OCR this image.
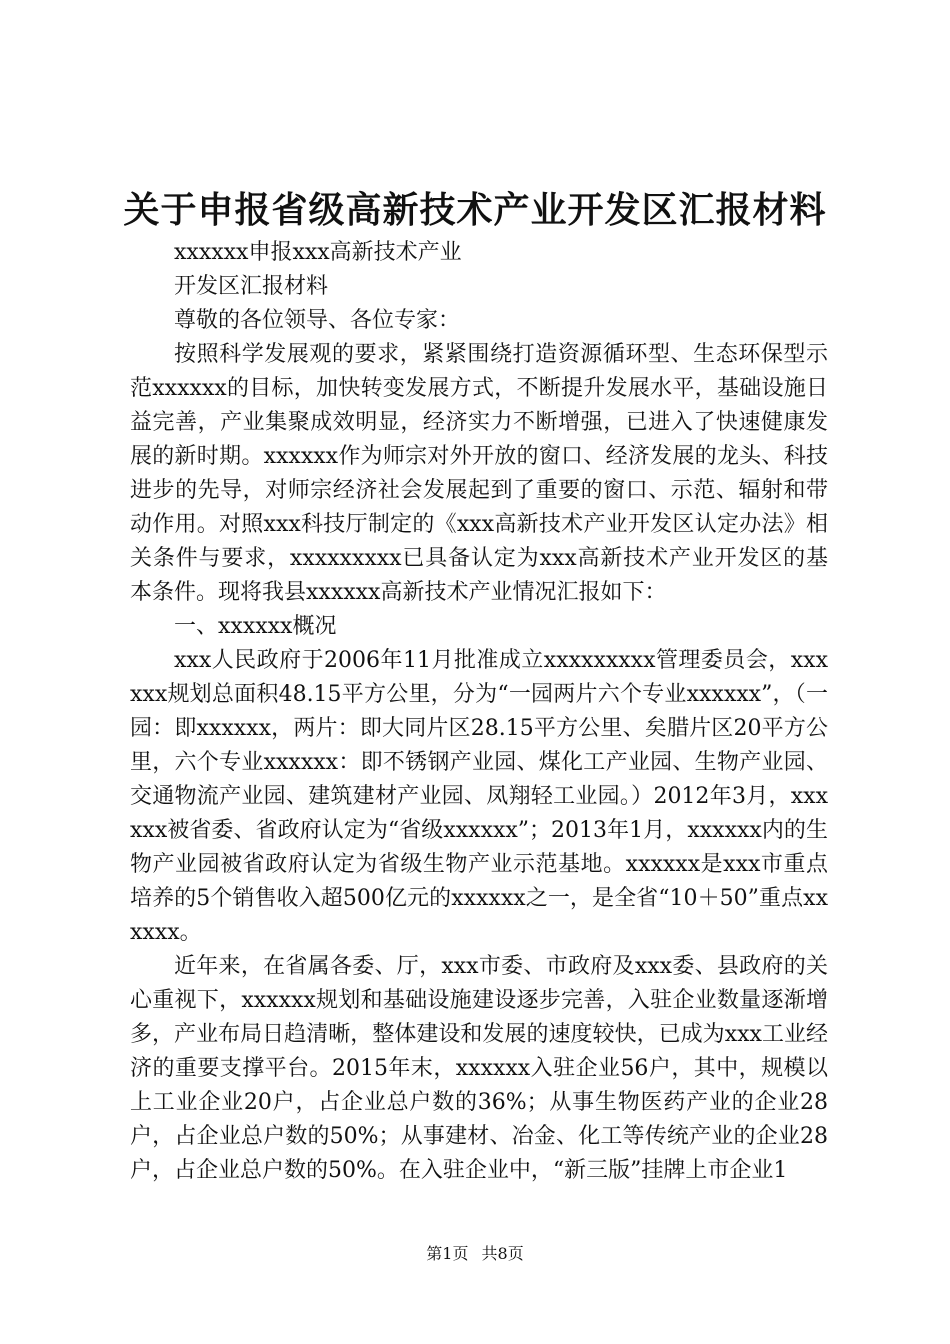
关于申报省级高新技术产业开发区汇报材料

xxxxxx申报xxx高新技术产业

开发区汇报材料

尊敬的各位领导、各位专家：

按照科学发展观的要求，紧紧围绕打造资源循环型、生态环保型示范xxxxxx的目标，加快转变发展方式，不断提升发展水平，基础设施日益完善，产业集聚成效明显，经济实力不断增强，已进入了快速健康发展的新时期。xxxxxx作为师宗对外开放的窗口、经济发展的龙头、科技进步的先导，对师宗经济社会发展起到了重要的窗口、示范、辐射和带动作用。对照xxx科技厅制定的《xxx高新技术产业开发区认定办法》相关条件与要求，xxxxxxxxx已具备认定为xxx高新技术产业开发区的基本条件。现将我县xxxxxx高新技术产业情况汇报如下：

一、xxxxxx概况

xxx人民政府于2006年11月批准成立xxxxxxxxx管理委员会，xxxxxx规划总面积48.15平方公里，分为“一园两片六个专业xxxxxx”，（一园：即xxxxxx，两片：即大同片区28.15平方公里、矣腊片区20平方公里，六个专业xxxxxx：即不锈钢产业园、煤化工产业园、生物产业园、交通物流产业园、建筑建材产业园、凤翔轻工业园。）2012年3月，xxxxxx被省委、省政府认定为“省级xxxxxx”；2013年1月，xxxxxx内的生物产业园被省政府认定为省级生物产业示范基地。xxxxxx是xxx市重点培养的5个销售收入超500亿元的xxxxxx之一，是全省“10＋50”重点xxxxxx。

近年来，在省属各委、厅，xxx市委、市政府及xxx委、县政府的关心重视下，xxxxxx规划和基础设施建设逐步完善，入驻企业数量逐渐增多，产业布局日趋清晰，整体建设和发展的速度较快，已成为xxx工业经济的重要支撑平台。2015年末，xxxxxx入驻企业56户，其中，规模以上工业企业20户，占企业总户数的36%；从事生物医药产业的企业28户，占企业总户数的50%；从事建材、冶金、化工等传统产业的企业28户，占企业总户数的50%。在入驻企业中，“新三版”挂牌上市企业1

第1页 共8页
